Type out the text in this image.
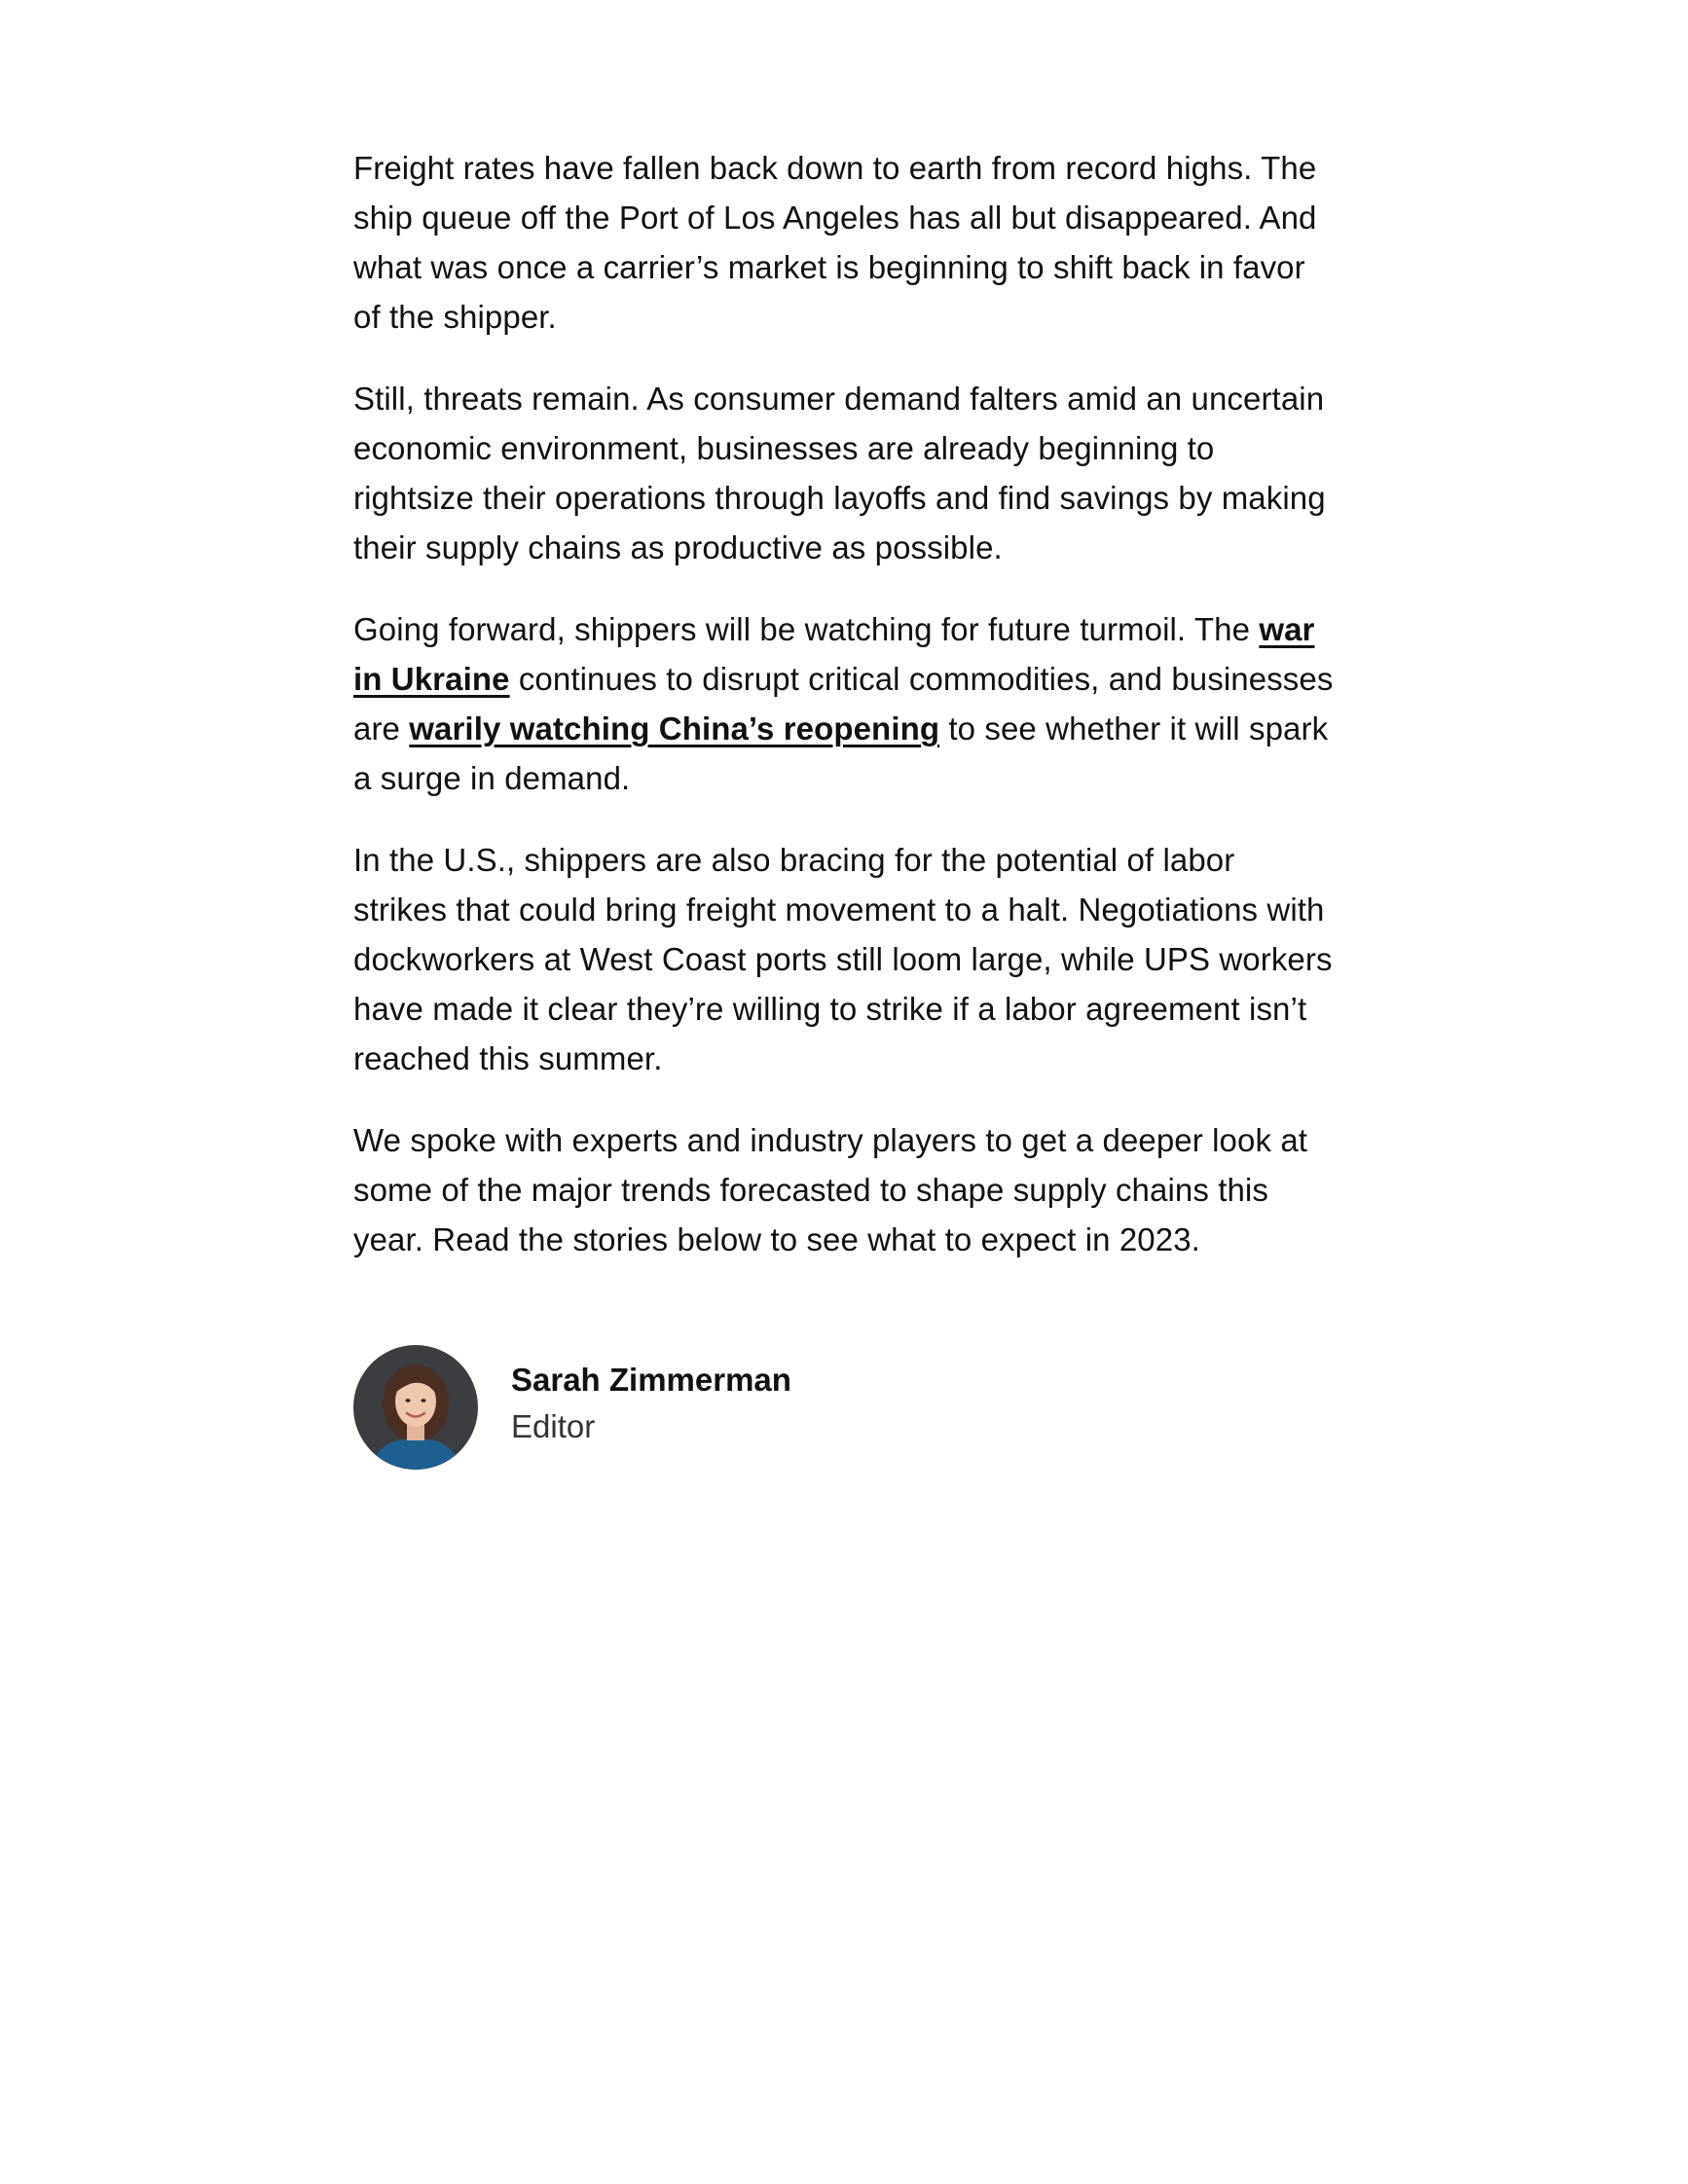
Freight rates have fallen back down to earth from record highs. The ship queue off the Port of Los Angeles has all but disappeared. And what was once a carrier’s market is beginning to shift back in favor of the shipper.

Still, threats remain. As consumer demand falters amid an uncertain economic environment, businesses are already beginning to rightsize their operations through layoffs and find savings by making their supply chains as productive as possible.

Going forward, shippers will be watching for future turmoil. The war in Ukraine continues to disrupt critical commodities, and businesses are warily watching China’s reopening to see whether it will spark a surge in demand.

In the U.S., shippers are also bracing for the potential of labor strikes that could bring freight movement to a halt. Negotiations with dockworkers at West Coast ports still loom large, while UPS workers have made it clear they’re willing to strike if a labor agreement isn’t reached this summer.

We spoke with experts and industry players to get a deeper look at some of the major trends forecasted to shape supply chains this year. Read the stories below to see what to expect in 2023.

Sarah Zimmerman
Editor
